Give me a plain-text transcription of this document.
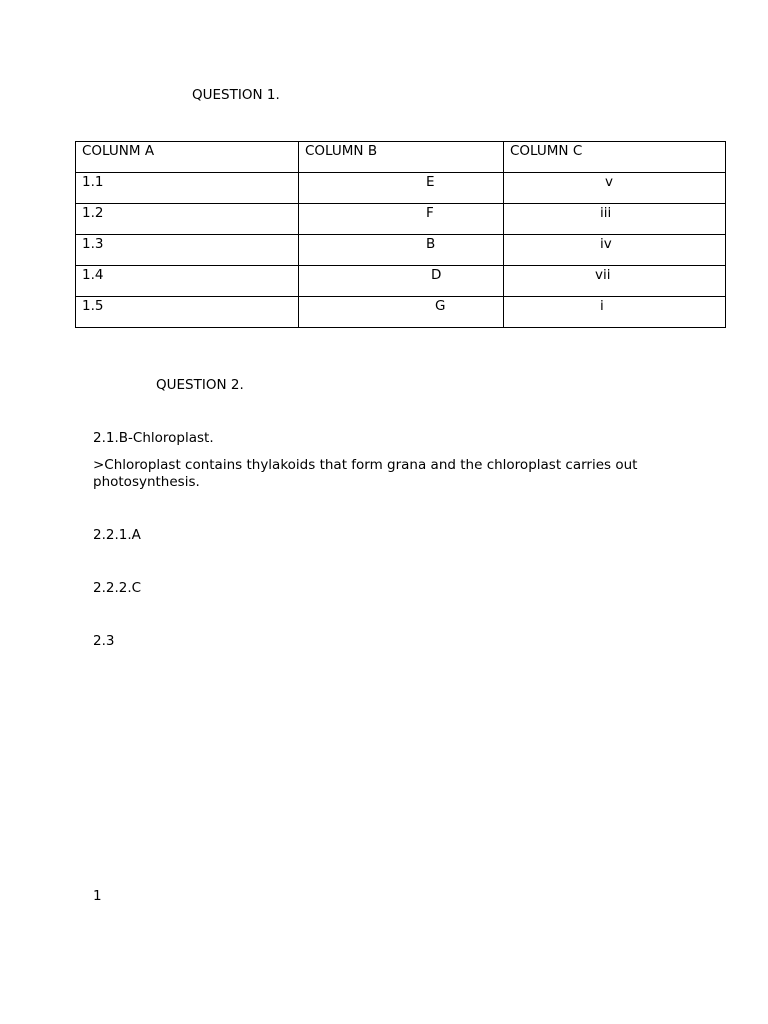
QUESTION 1.
COLUNM A	COLUMN B	COLUMN C

1.1	E	v

1.2	F	iii

1.3	B	iv

1.4	D	vii

1.5	G	i
QUESTION 2.
2.1.B-Chloroplast.
>Chloroplast contains thylakoids that form grana and the chloroplast carries out photosynthesis.
2.2.1.A
2.2.2.C
2.3
1
